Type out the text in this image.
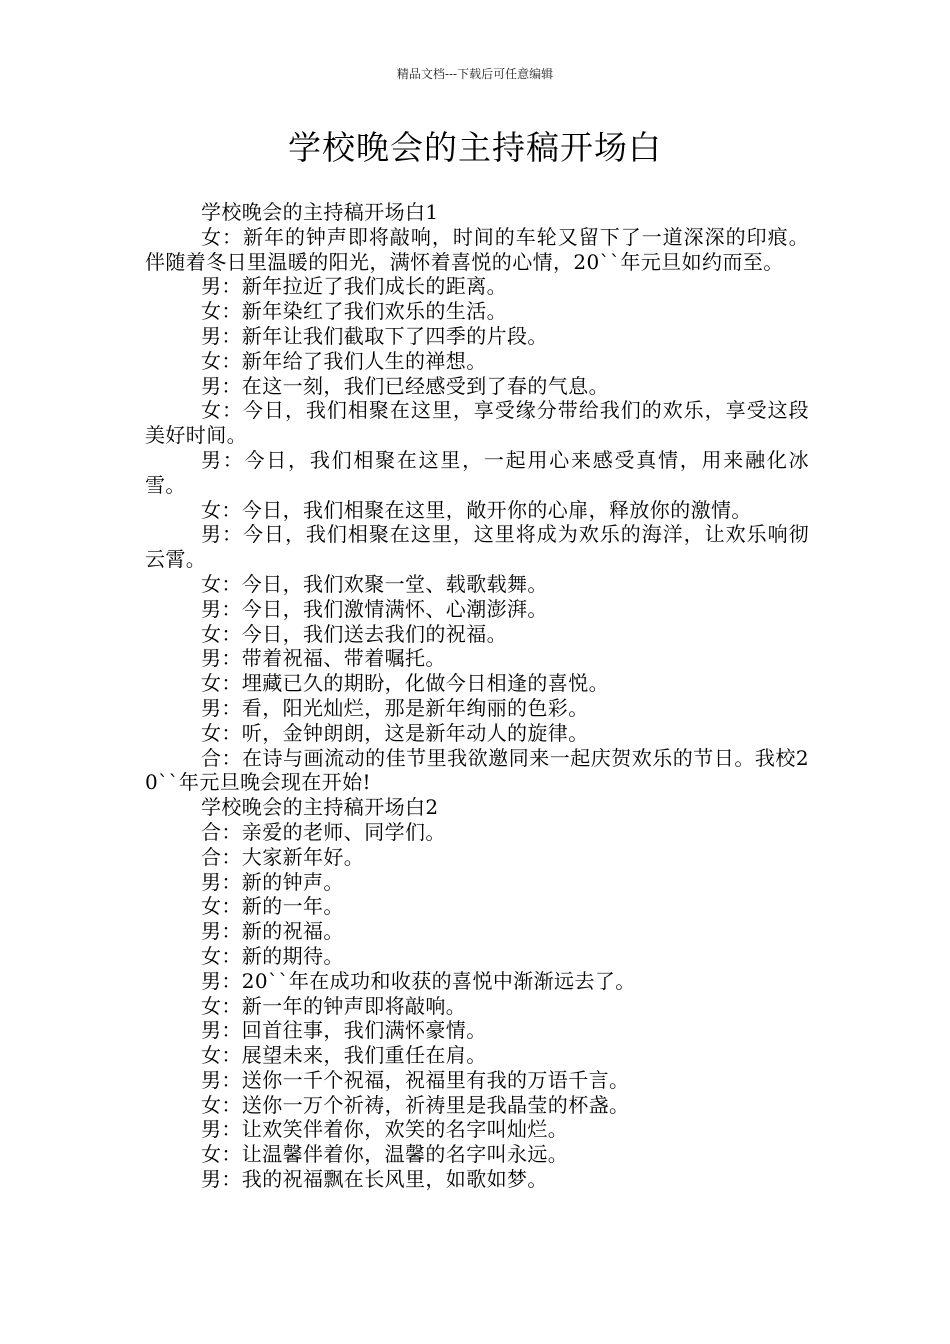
精品文档---下载后可任意编辑
学校晚会的主持稿开场白

学校晚会的主持稿开场白1

女：新年的钟声即将敲响，时间的车轮又留下了一道深深的印痕。伴随着冬日里温暖的阳光，满怀着喜悦的心情，20``年元旦如约而至。

男：新年拉近了我们成长的距离。

女：新年染红了我们欢乐的生活。

男：新年让我们截取下了四季的片段。

女：新年给了我们人生的禅想。

男：在这一刻，我们已经感受到了春的气息。

女：今日，我们相聚在这里，享受缘分带给我们的欢乐，享受这段美好时间。

男：今日，我们相聚在这里，一起用心来感受真情，用来融化冰雪。

女：今日，我们相聚在这里，敞开你的心扉，释放你的激情。

男：今日，我们相聚在这里，这里将成为欢乐的海洋，让欢乐响彻云霄。

女：今日，我们欢聚一堂、载歌载舞。

男：今日，我们激情满怀、心潮澎湃。

女：今日，我们送去我们的祝福。

男：带着祝福、带着嘱托。

女：埋藏已久的期盼，化做今日相逢的喜悦。

男：看，阳光灿烂，那是新年绚丽的色彩。

女：听，金钟朗朗，这是新年动人的旋律。

合：在诗与画流动的佳节里我欲邀同来一起庆贺欢乐的节日。我校20``年元旦晚会现在开始!

学校晚会的主持稿开场白2

合：亲爱的老师、同学们。

合：大家新年好。

男：新的钟声。

女：新的一年。

男：新的祝福。

女：新的期待。

男：20``年在成功和收获的喜悦中渐渐远去了。

女：新一年的钟声即将敲响。

男：回首往事，我们满怀豪情。

女：展望未来，我们重任在肩。

男：送你一千个祝福，祝福里有我的万语千言。

女：送你一万个祈祷，祈祷里是我晶莹的杯盏。

男：让欢笑伴着你，欢笑的名字叫灿烂。

女：让温馨伴着你，温馨的名字叫永远。

男：我的祝福飘在长风里，如歌如梦。
